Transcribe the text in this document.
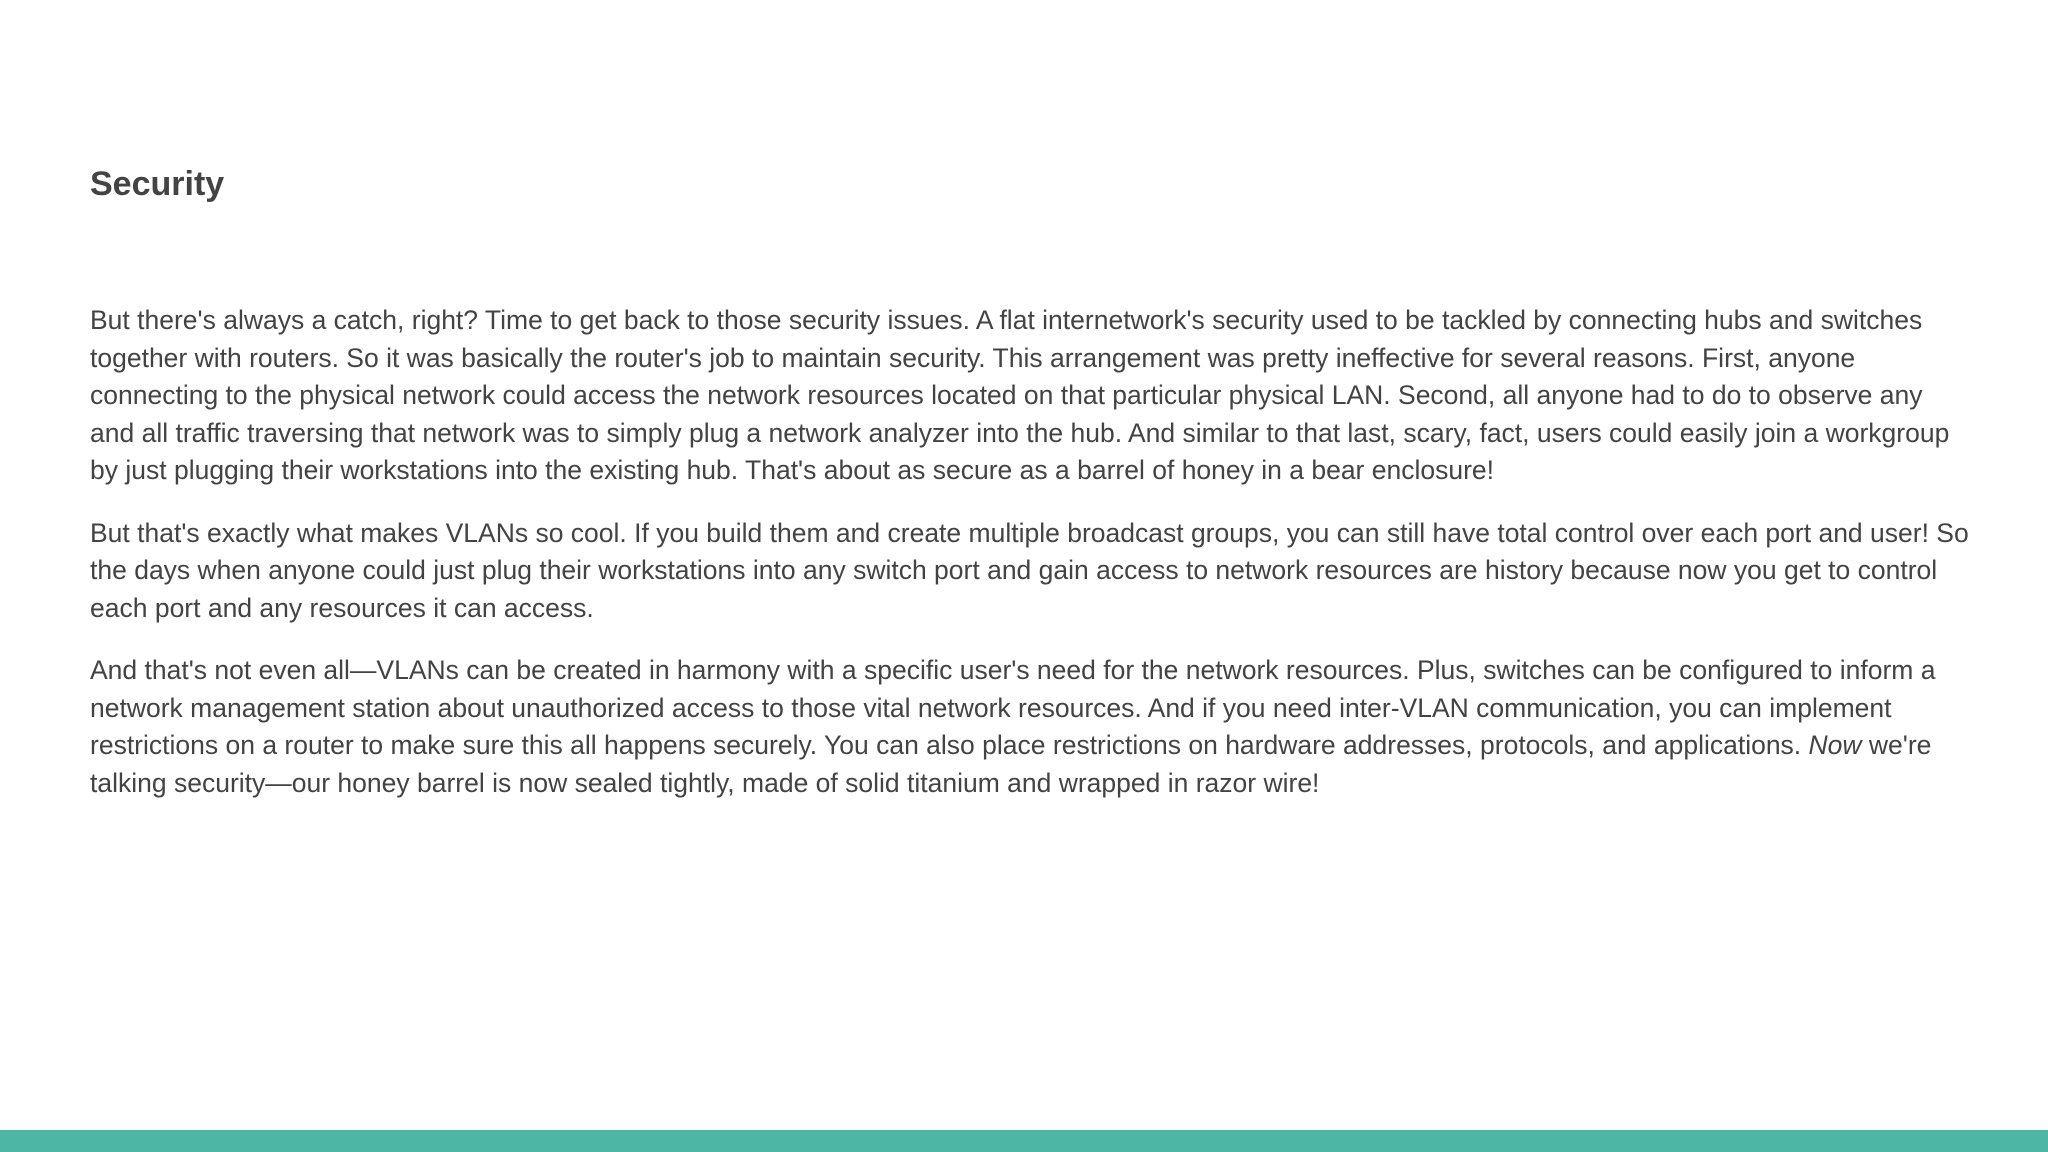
Security

But there's always a catch, right? Time to get back to those security issues. A flat internetwork's security used to be tackled by connecting hubs and switches together with routers. So it was basically the router's job to maintain security. This arrangement was pretty ineffective for several reasons. First, anyone connecting to the physical network could access the network resources located on that particular physical LAN. Second, all anyone had to do to observe any and all traffic traversing that network was to simply plug a network analyzer into the hub. And similar to that last, scary, fact, users could easily join a workgroup by just plugging their workstations into the existing hub. That's about as secure as a barrel of honey in a bear enclosure!

But that's exactly what makes VLANs so cool. If you build them and create multiple broadcast groups, you can still have total control over each port and user! So the days when anyone could just plug their workstations into any switch port and gain access to network resources are history because now you get to control each port and any resources it can access.

And that's not even all—VLANs can be created in harmony with a specific user's need for the network resources. Plus, switches can be configured to inform a network management station about unauthorized access to those vital network resources. And if you need inter-VLAN communication, you can implement restrictions on a router to make sure this all happens securely. You can also place restrictions on hardware addresses, protocols, and applications. Now we're talking security—our honey barrel is now sealed tightly, made of solid titanium and wrapped in razor wire!
